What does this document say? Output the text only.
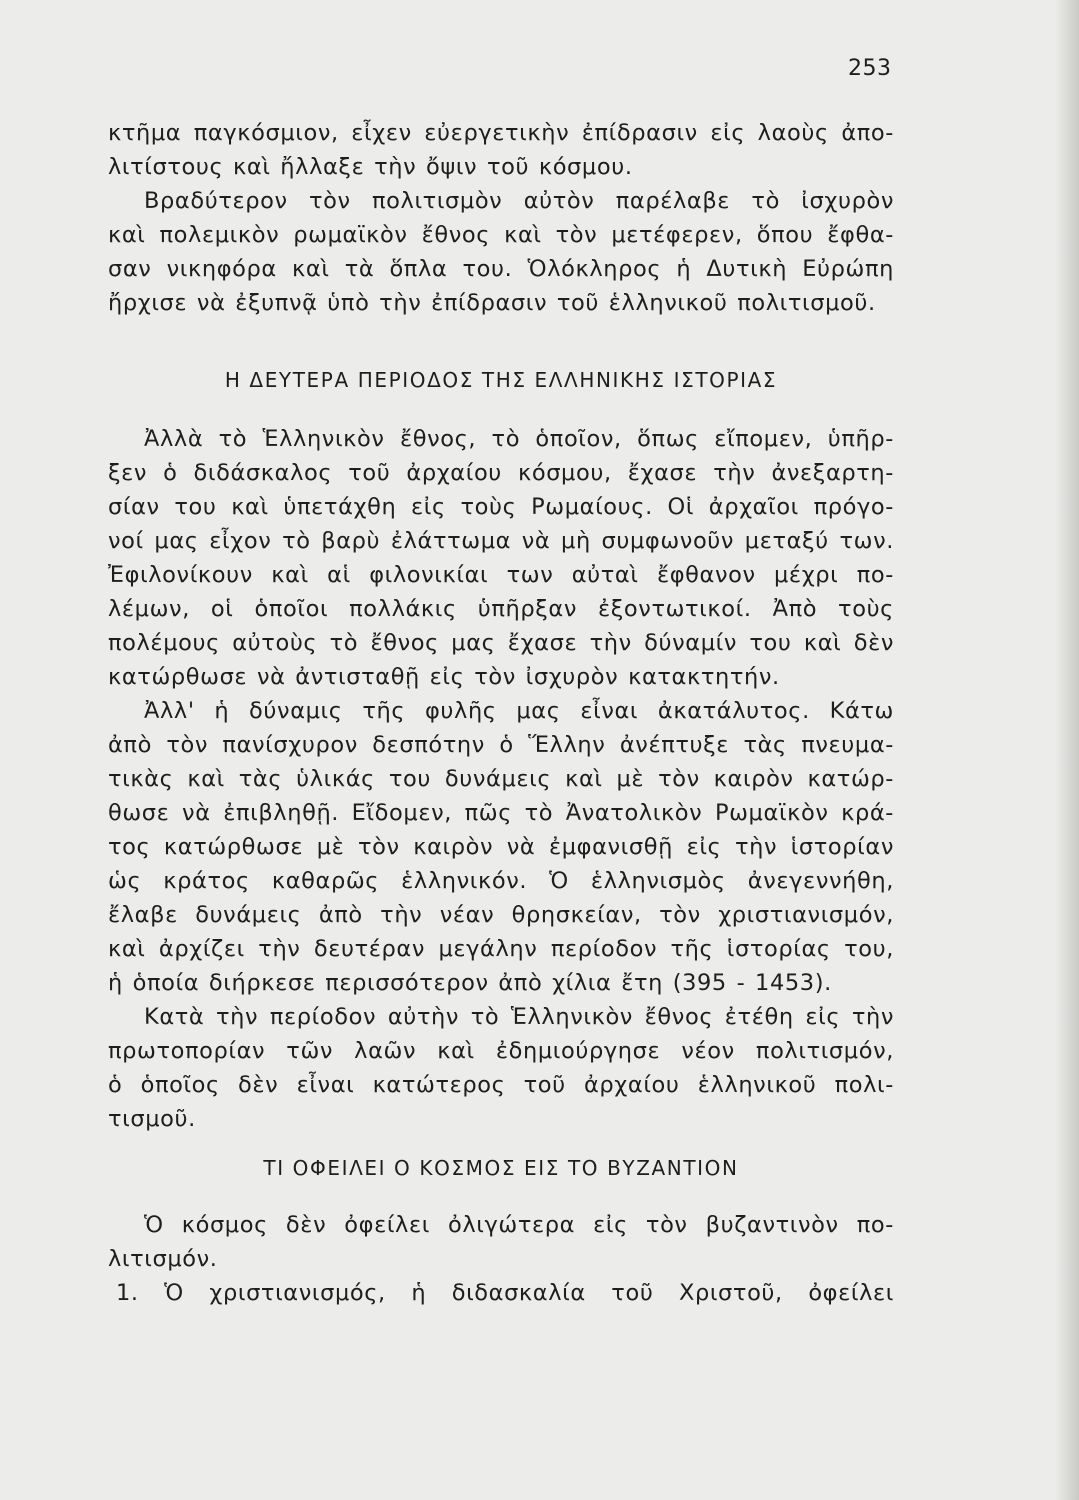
253
κτῆμα παγκόσμιον, εἶχεν εὐεργετικὴν ἐπίδρασιν εἰς λαοὺς ἀπο-
λιτίστους καὶ ἤλλαξε τὴν ὄψιν τοῦ κόσμου.
Βραδύτερον τὸν πολιτισμὸν αὐτὸν παρέλαβε τὸ ἰσχυρὸν
καὶ πολεμικὸν ρωμαϊκὸν ἔθνος καὶ τὸν μετέφερεν, ὅπου ἔφθα-
σαν νικηφόρα καὶ τὰ ὅπλα του. Ὁλόκληρος ἡ Δυτικὴ Εὐρώπη
ἤρχισε νὰ ἐξυπνᾷ ὑπὸ τὴν ἐπίδρασιν τοῦ ἑλληνικοῦ πολιτισμοῦ.
Η ΔΕΥΤΕΡΑ ΠΕΡΙΟΔΟΣ ΤΗΣ ΕΛΛΗΝΙΚΗΣ ΙΣΤΟΡΙΑΣ
Ἀλλὰ τὸ Ἑλληνικὸν ἔθνος, τὸ ὁποῖον, ὅπως εἴπομεν, ὑπῆρ-
ξεν ὁ διδάσκαλος τοῦ ἀρχαίου κόσμου, ἔχασε τὴν ἀνεξαρτη-
σίαν του καὶ ὑπετάχθη εἰς τοὺς Ρωμαίους. Οἱ ἀρχαῖοι πρόγο-
νοί μας εἶχον τὸ βαρὺ ἐλάττωμα νὰ μὴ συμφωνοῦν μεταξύ των.
Ἐφιλονίκουν καὶ αἱ φιλονικίαι των αὐταὶ ἔφθανον μέχρι πο-
λέμων, οἱ ὁποῖοι πολλάκις ὑπῆρξαν ἐξοντωτικοί. Ἀπὸ τοὺς
πολέμους αὐτοὺς τὸ ἔθνος μας ἔχασε τὴν δύναμίν του καὶ δὲν
κατώρθωσε νὰ ἀντισταθῇ εἰς τὸν ἰσχυρὸν κατακτητήν.
Ἀλλ' ἡ δύναμις τῆς φυλῆς μας εἶναι ἀκατάλυτος. Κάτω
ἀπὸ τὸν πανίσχυρον δεσπότην ὁ Ἕλλην ἀνέπτυξε τὰς πνευμα-
τικὰς καὶ τὰς ὑλικάς του δυνάμεις καὶ μὲ τὸν καιρὸν κατώρ-
θωσε νὰ ἐπιβληθῇ. Εἴδομεν, πῶς τὸ Ἀνατολικὸν Ρωμαϊκὸν κρά-
τος κατώρθωσε μὲ τὸν καιρὸν νὰ ἐμφανισθῇ εἰς τὴν ἱστορίαν
ὡς κράτος καθαρῶς ἑλληνικόν. Ὁ ἑλληνισμὸς ἀνεγεννήθη,
ἔλαβε δυνάμεις ἀπὸ τὴν νέαν θρησκείαν, τὸν χριστιανισμόν,
καὶ ἀρχίζει τὴν δευτέραν μεγάλην περίοδον τῆς ἱστορίας του,
ἡ ὁποία διήρκεσε περισσότερον ἀπὸ χίλια ἔτη (395 - 1453).
Κατὰ τὴν περίοδον αὐτὴν τὸ Ἑλληνικὸν ἔθνος ἐτέθη εἰς τὴν
πρωτοπορίαν τῶν λαῶν καὶ ἐδημιούργησε νέον πολιτισμόν,
ὁ ὁποῖος δὲν εἶναι κατώτερος τοῦ ἀρχαίου ἑλληνικοῦ πολι-
τισμοῦ.
ΤΙ ΟΦΕΙΛΕΙ Ο ΚΟΣΜΟΣ ΕΙΣ ΤΟ ΒΥΖΑΝΤΙΟΝ
Ὁ κόσμος δὲν ὀφείλει ὀλιγώτερα εἰς τὸν βυζαντινὸν πο-
λιτισμόν.
1. Ὁ χριστιανισμός, ἡ διδασκαλία τοῦ Χριστοῦ, ὀφείλει
